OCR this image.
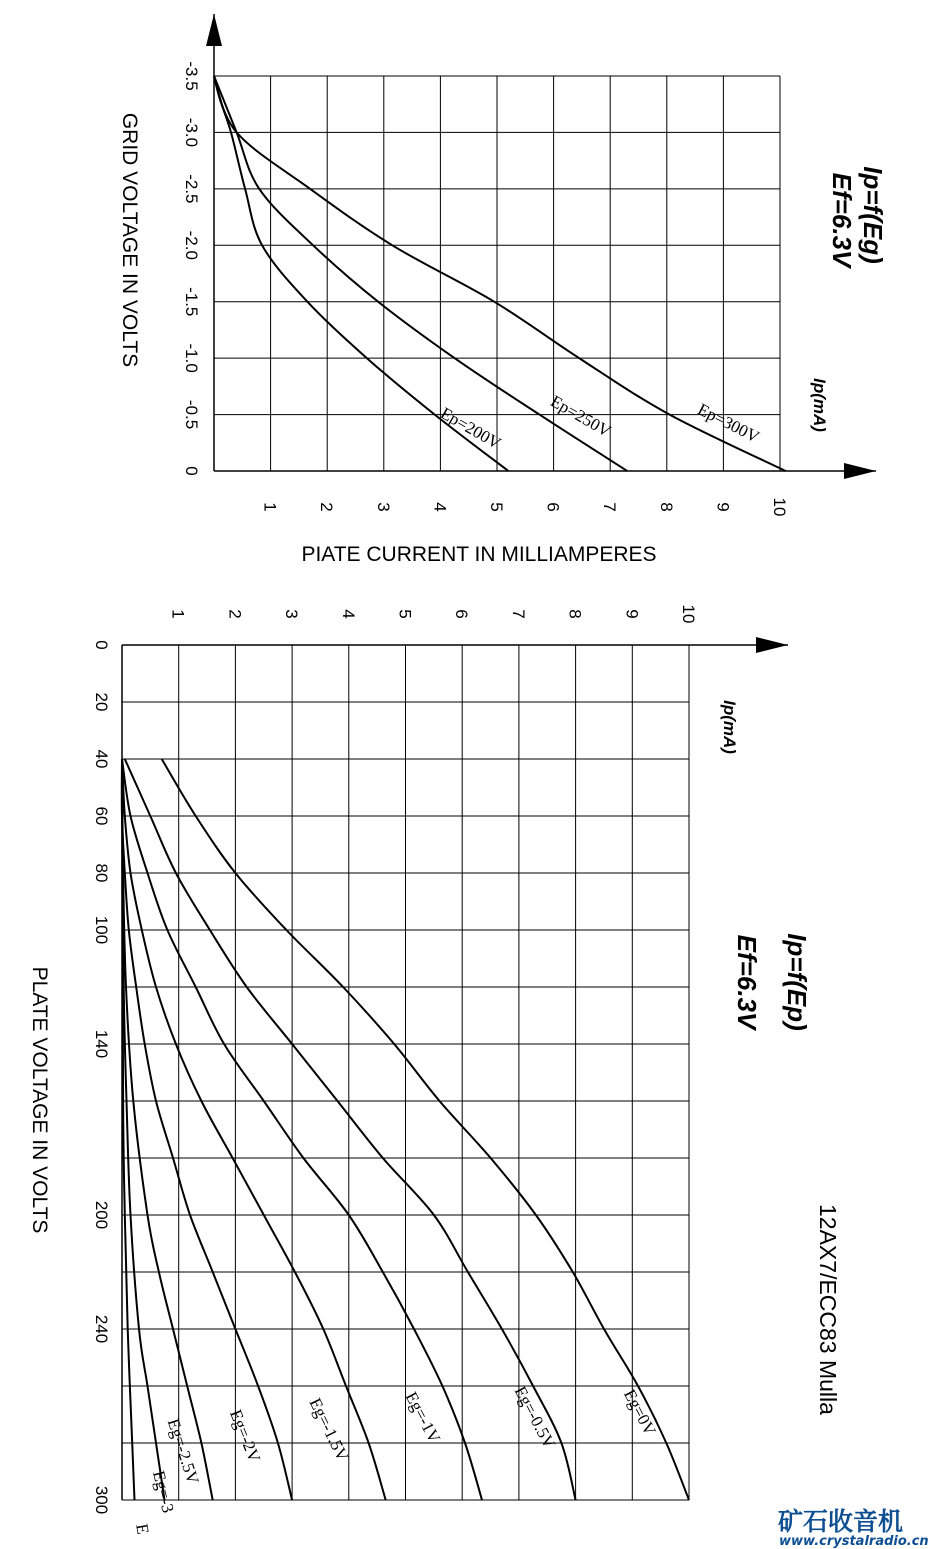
-3.5
-3.0
-2.5
-2.0
-1.5
-1.0
-0.5
0
1 2 3 4 5 6 7 8 9 10
Ep=200V	Ep=250V	Ep=300V
Ip=f(Eg)
Ef=6.3V
Ip(mA)
GRID VOLTAGE IN VOLTS
PIATE CURRENT IN MILLIAMPERES
0
20
40
60
80
100
140
200
240
300
1 2 3 4 5 6 7 8 9 10
Eg=0V
Eg=-0.5V
Eg=-1V
Eg=-1.5V
Eg=-2V
Eg=-2.5V
Eg=-3
E
Ip=f(Ep)
Ef=6.3V
Ip(mA)
PLATE VOLTAGE IN VOLTS
12AX7/ECC83 Mulla
矿石收音机
www.crystalradio.cn
